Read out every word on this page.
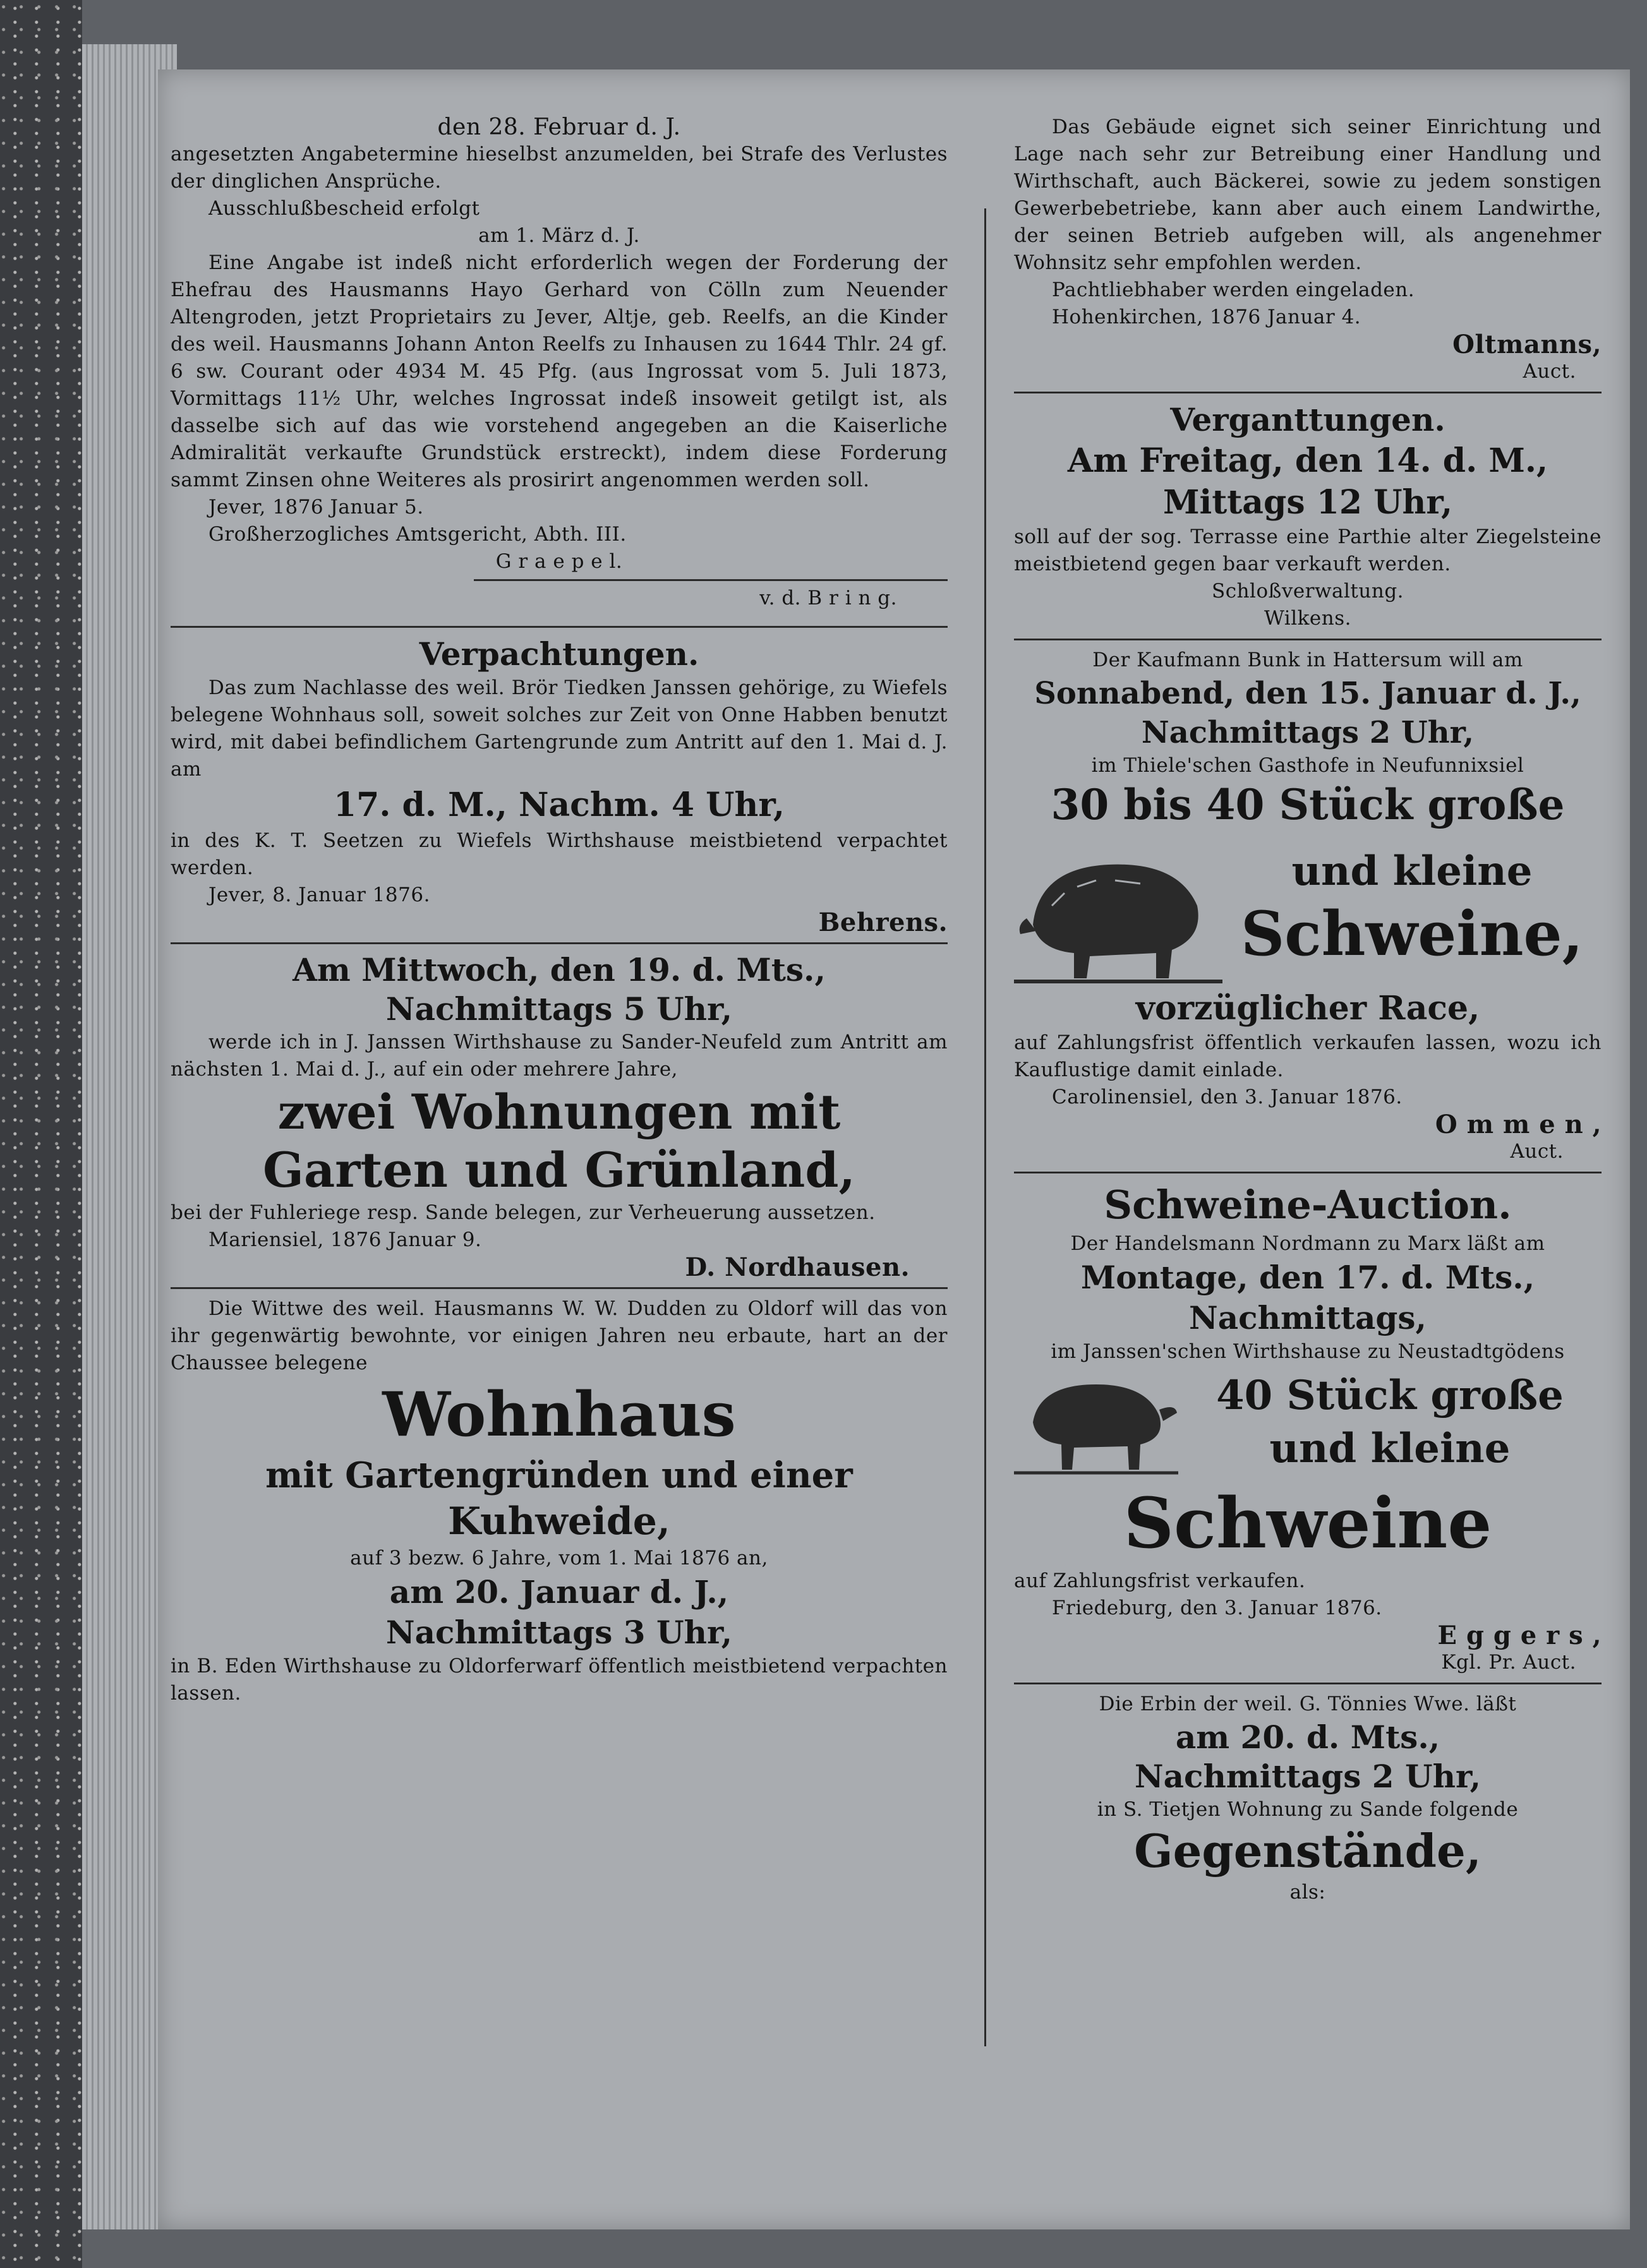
den 28. Februar d. J.

angesetzten Angabetermine hieselbst anzumelden, bei Strafe des Verlustes der dinglichen Ansprüche.

Ausschlußbescheid erfolgt

am 1. März d. J.

Eine Angabe ist indeß nicht erforderlich wegen der Forderung der Ehefrau des Hausmanns Hayo Gerhard von Cölln zum Neuender Altengroden, jetzt Proprietairs zu Jever, Altje, geb. Reelfs, an die Kinder des weil. Hausmanns Johann Anton Reelfs zu Inhausen zu 1644 Thlr. 24 gf. 6 sw. Courant oder 4934 M. 45 Pfg. (aus Ingrossat vom 5. Juli 1873, Vormittags 11½ Uhr, welches Ingrossat indeß insoweit getilgt ist, als dasselbe sich auf das wie vorstehend angegeben an die Kaiserliche Admiralität verkaufte Grundstück erstreckt), indem diese Forderung sammt Zinsen ohne Weiteres als prosirirt angenommen werden soll.

Jever, 1876 Januar 5.

Großherzogliches Amtsgericht, Abth. III.

G r a e p e l.

v. d. B r i n g.

Verpachtungen.

Das zum Nachlasse des weil. Brör Tiedken Janssen gehörige, zu Wiefels belegene Wohnhaus soll, soweit solches zur Zeit von Onne Habben benutzt wird, mit dabei befindlichem Gartengrunde zum Antritt auf den 1. Mai d. J. am

17. d. M., Nachm. 4 Uhr,

in des K. T. Seetzen zu Wiefels Wirthshause meistbietend verpachtet werden.

Jever, 8. Januar 1876.

Behrens.

Am Mittwoch, den 19. d. Mts.,

Nachmittags 5 Uhr,

werde ich in J. Janssen Wirthshause zu Sander-Neufeld zum Antritt am nächsten 1. Mai d. J., auf ein oder mehrere Jahre,

zwei Wohnungen mit

Garten und Grünland,

bei der Fuhleriege resp. Sande belegen, zur Verheuerung aussetzen.

Mariensiel, 1876 Januar 9.

D. Nordhausen.

Die Wittwe des weil. Hausmanns W. W. Dudden zu Oldorf will das von ihr gegenwärtig bewohnte, vor einigen Jahren neu erbaute, hart an der Chaussee belegene

Wohnhaus

mit Gartengründen und einer

Kuhweide,

auf 3 bezw. 6 Jahre, vom 1. Mai 1876 an,

am 20. Januar d. J.,

Nachmittags 3 Uhr,

in B. Eden Wirthshause zu Oldorferwarf öffentlich meistbietend verpachten lassen.

Das Gebäude eignet sich seiner Einrichtung und Lage nach sehr zur Betreibung einer Handlung und Wirthschaft, auch Bäckerei, sowie zu jedem sonstigen Gewerbebetriebe, kann aber auch einem Landwirthe, der seinen Betrieb aufgeben will, als angenehmer Wohnsitz sehr empfohlen werden.

Pachtliebhaber werden eingeladen.

Hohenkirchen, 1876 Januar 4.

Oltmanns,

Auct.

Verganttungen.

Am Freitag, den 14. d. M.,

Mittags 12 Uhr,

soll auf der sog. Terrasse eine Parthie alter Ziegelsteine meistbietend gegen baar verkauft werden.

Schloßverwaltung.

Wilkens.

Der Kaufmann Bunk in Hattersum will am

Sonnabend, den 15. Januar d. J.,

Nachmittags 2 Uhr,

im Thiele'schen Gasthofe in Neufunnixsiel

30 bis 40 Stück große

und kleine

Schweine,

vorzüglicher Race,

auf Zahlungsfrist öffentlich verkaufen lassen, wozu ich Kauflustige damit einlade.

Carolinensiel, den 3. Januar 1876.

O m m e n ,

Auct.

Schweine-Auction.

Der Handelsmann Nordmann zu Marx läßt am

Montage, den 17. d. Mts.,

Nachmittags,

im Janssen'schen Wirthshause zu Neustadtgödens

40 Stück große

und kleine

Schweine

auf Zahlungsfrist verkaufen.

Friedeburg, den 3. Januar 1876.

E g g e r s ,

Kgl. Pr. Auct.

Die Erbin der weil. G. Tönnies Wwe. läßt

am 20. d. Mts.,

Nachmittags 2 Uhr,

in S. Tietjen Wohnung zu Sande folgende

Gegenstände,

als:
